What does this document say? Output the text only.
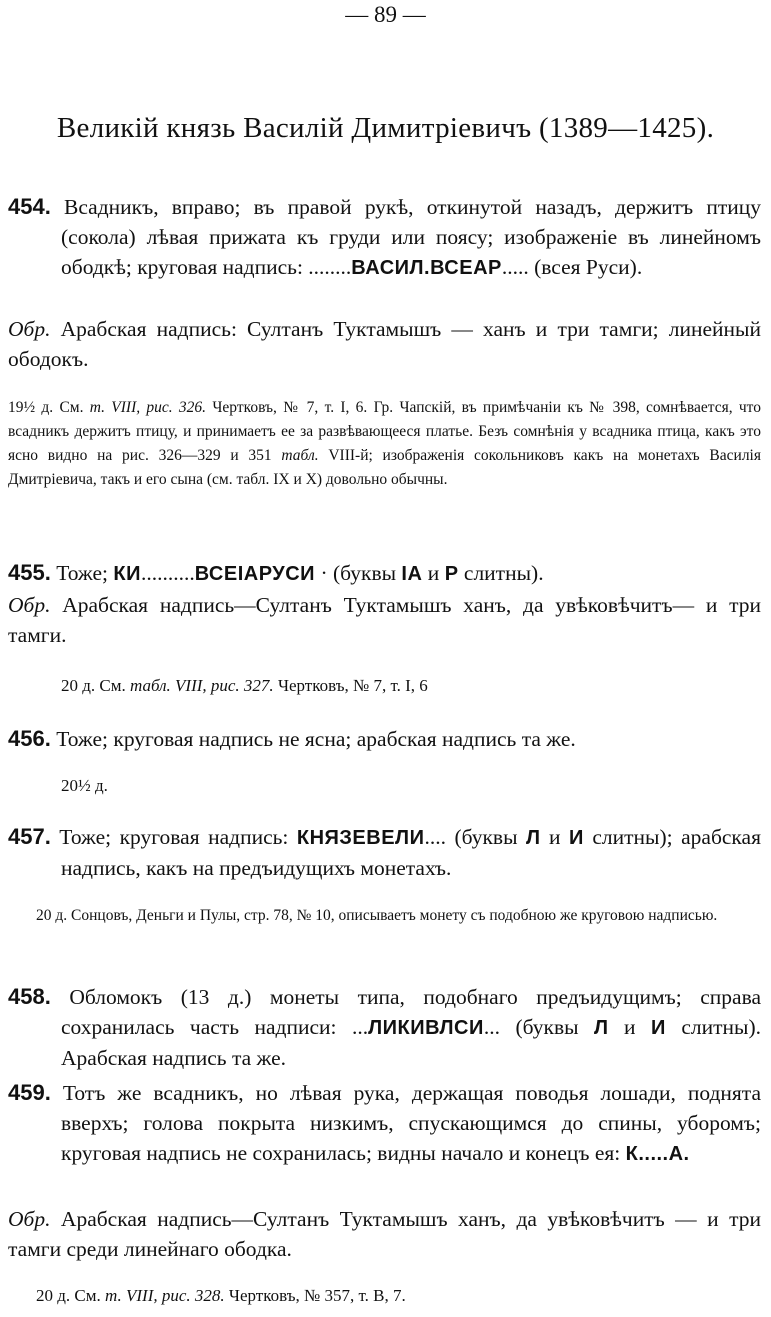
— 89 —
Великій князь Василій Димитріевичъ (1389—1425).
454. Всадникъ, вправо; въ правой рукѣ, откинутой назадъ, держитъ птицу (сокола) лѣвая прижата къ груди или поясу; изображеніе въ линейномъ ободкѣ; круговая надпись: ........ВАСИЛ.ВСЕАР..... (всея Руси).
Обр. Арабская надпись: Султанъ Туктамышъ — ханъ и три тамги; линейный ободокъ.
19½ д. См. т. VIII, рис. 326. Чертковъ, № 7, т. I, 6. Гр. Чапскій, въ примѣчаніи къ № 398, сомнѣвается, что всадникъ держитъ птицу, и принимаетъ ее за развѣвающееся платье. Безъ сомнѣнія у всадника птица, какъ это ясно видно на рис. 326—329 и 351 табл. VIII-й; изображенія сокольниковъ какъ на монетахъ Василія Дмитріевича, такъ и его сына (см. табл. IX и X) довольно обычны.
455. Тоже; КИ..........ВСЕІАРУСИ · (буквы ІА и Р слитны).
Обр. Арабская надпись—Султанъ Туктамышъ ханъ, да увѣковѣчитъ— и три тамги.
20 д. См. табл. VIII, рис. 327. Чертковъ, № 7, т. I, 6
456. Тоже; круговая надпись не ясна; арабская надпись та же.
20½ д.
457. Тоже; круговая надпись: КНЯЗЕВЕЛИ.... (буквы Л и И слитны); арабская надпись, какъ на предъидущихъ монетахъ.
20 д. Сонцовъ, Деньги и Пулы, стр. 78, № 10, описываетъ монету съ подобною же круговою надписью.
458. Обломокъ (13 д.) монеты типа, подобнаго предъидущимъ; справа сохранилась часть надписи: ...ЛИКИВЛСИ... (буквы Л и И слитны). Арабская надпись та же.
459. Тотъ же всадникъ, но лѣвая рука, держащая поводья лошади, поднята вверхъ; голова покрыта низкимъ, спускающимся до спины, уборомъ; круговая надпись не сохранилась; видны начало и конецъ ея: К.....А.
Обр. Арабская надпись—Султанъ Туктамышъ ханъ, да увѣковѣчитъ — и три тамги среди линейнаго ободка.
20 д. См. т. VIII, рис. 328. Чертковъ, № 357, т. В, 7.
